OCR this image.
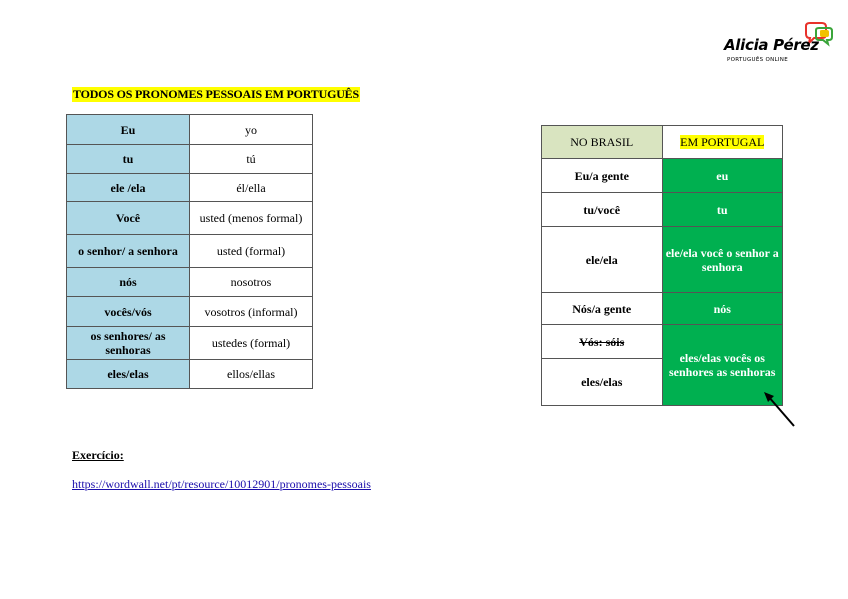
Alicia Pérez
PORTUGUÊS ONLINE
TODOS OS PRONOMES PESSOAIS EM PORTUGUÊS
Eu	yo
tu	tú
ele /ela	él/ella
Você	usted (menos formal)
o senhor/ a senhora	usted (formal)
nós	nosotros
vocês/vós	vosotros (informal)
os senhores/ as senhoras	ustedes (formal)
eles/elas	ellos/ellas
NO BRASIL	EM PORTUGAL
Eu/a gente	eu
tu/você	tu
ele/ela	ele/ela você o senhor a senhora
Nós/a gente	nós
Vós: sóis	eles/elas vocês os senhores as senhoras
eles/elas	
Exercício:
https://wordwall.net/pt/resource/10012901/pronomes-pessoais
